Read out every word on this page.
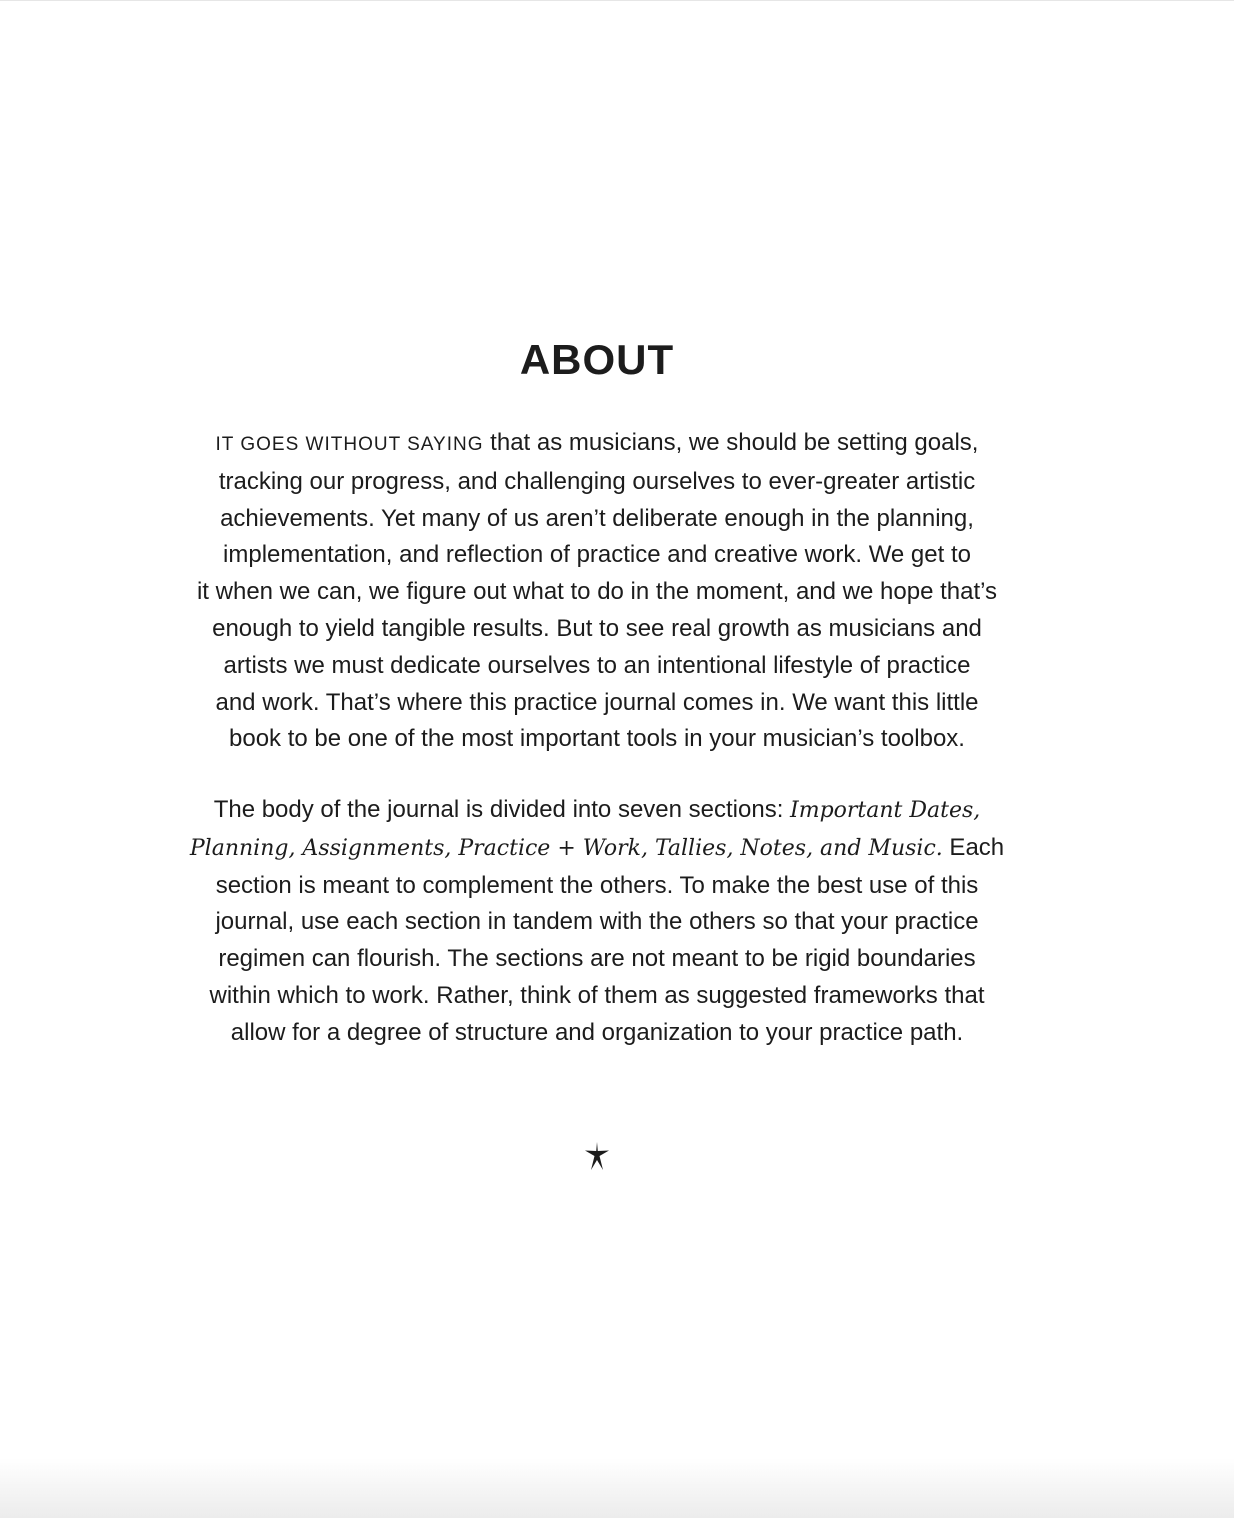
ABOUT
IT GOES WITHOUT SAYING that as musicians, we should be setting goals,
tracking our progress, and challenging ourselves to ever-greater artistic
achievements. Yet many of us aren’t deliberate enough in the planning,
implementation, and reflection of practice and creative work. We get to
it when we can, we figure out what to do in the moment, and we hope that’s
enough to yield tangible results. But to see real growth as musicians and
artists we must dedicate ourselves to an intentional lifestyle of practice
and work. That’s where this practice journal comes in. We want this little
book to be one of the most important tools in your musician’s toolbox.
The body of the journal is divided into seven sections: Important Dates,
Planning, Assignments, Practice + Work, Tallies, Notes, and Music. Each
section is meant to complement the others. To make the best use of this
journal, use each section in tandem with the others so that your practice
regimen can flourish. The sections are not meant to be rigid boundaries
within which to work. Rather, think of them as suggested frameworks that
allow for a degree of structure and organization to your practice path.
